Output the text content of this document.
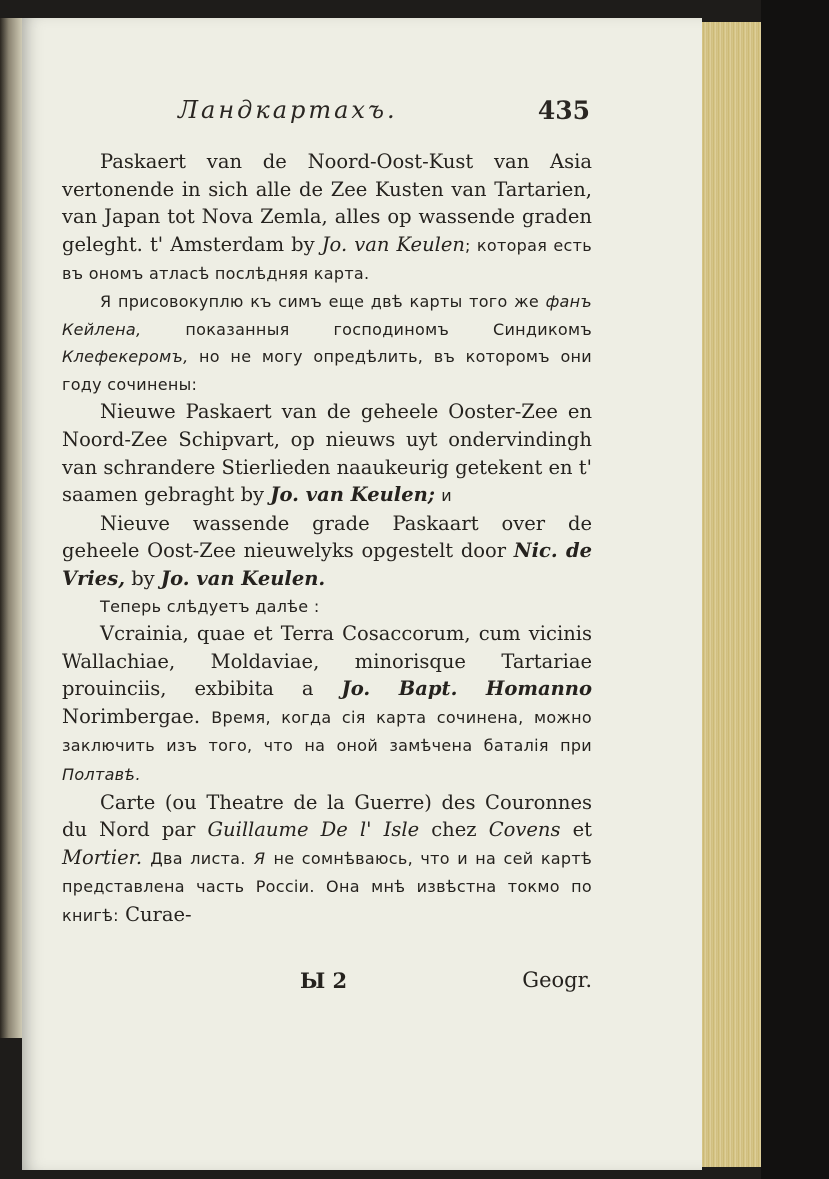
Ландкартахъ.	435

Paskaert van de Noord-Oost-Kust van Asia vertonende in sich alle de Zee Kusten van Tartarien, van Japan tot Nova Zemla, alles op wassende graden geleght. t' Amsterdam by Jo. van Keulen; которая есть въ ономъ атласѣ послѣдняя карта.

Я присовокуплю къ симъ еще двѣ карты того же фанъ Кейлена,	показанныя господиномъ Синдикомъ Клефекеромъ, но не могу опредѣлить, въ которомъ они году сочинены:

Nieuwe Paskaert van de geheele Ooster-Zee en Noord-Zee Schipvart, op nieuws uyt ondervindingh van schrandere Stierlieden naaukeurig getekent en t' saamen gebraght by Jo. van Keulen; и

Nieuve wassende grade Paskaart over de geheele Oost-Zee nieuwelyks opgestelt door Nic. de Vries, by Jo. van Keulen.

Теперь слѣдуетъ далѣе :

Vcrainia, quae et Terra Cosaccorum, cum vicinis Wallachiae, Moldaviae, minorisque Tartariae prouinciis, exbibita a Jo. Bapt. Homanno Norimbergae. Время, когда сія карта сочинена, можно заключить изъ того, что на оной замѣчена баталія при Полтавѣ.

Carte (ou Theatre de la Guerre) des Couronnes du Nord par Guillaume De l' Isle chez Covens et Mortier. Два листа. Я не сомнѣваюсь, что и на сей картѣ представлена часть Россіи. Она мнѣ извѣстна токмо по книгѣ: Curae-

Ы 2	Geogr.
